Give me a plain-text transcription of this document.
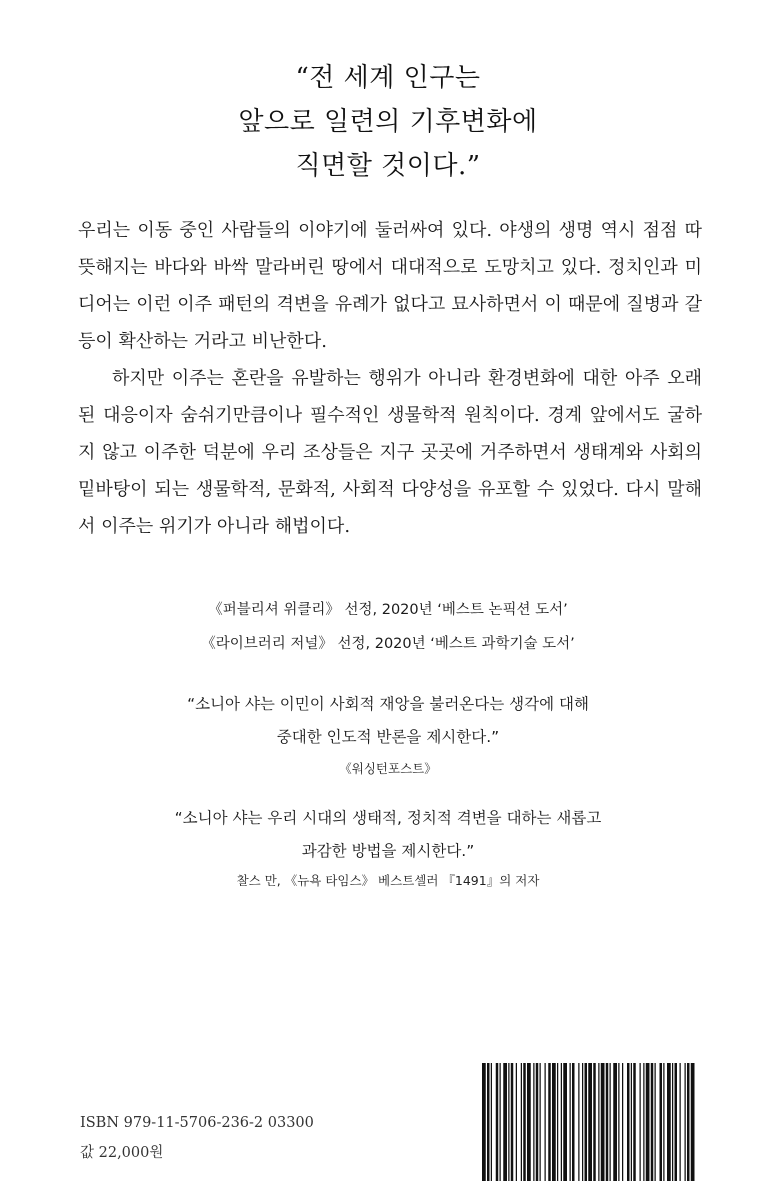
“전 세계 인구는
앞으로 일련의 기후변화에
직면할 것이다.”

우리는 이동 중인 사람들의 이야기에 둘러싸여 있다. 야생의 생명 역시 점점 따뜻해지는 바다와 바싹 말라버린 땅에서 대대적으로 도망치고 있다. 정치인과 미디어는 이런 이주 패턴의 격변을 유례가 없다고 묘사하면서 이 때문에 질병과 갈등이 확산하는 거라고 비난한다.

하지만 이주는 혼란을 유발하는 행위가 아니라 환경변화에 대한 아주 오래된 대응이자 숨쉬기만큼이나 필수적인 생물학적 원칙이다. 경계 앞에서도 굴하지 않고 이주한 덕분에 우리 조상들은 지구 곳곳에 거주하면서 생태계와 사회의 밑바탕이 되는 생물학적, 문화적, 사회적 다양성을 유포할 수 있었다. 다시 말해서 이주는 위기가 아니라 해법이다.

《퍼블리셔 위클리》 선정, 2020년 ‘베스트 논픽션 도서’
《라이브러리 저널》 선정, 2020년 ‘베스트 과학기술 도서’
“소니아 샤는 이민이 사회적 재앙을 불러온다는 생각에 대해
중대한 인도적 반론을 제시한다.”
《워싱턴포스트》
“소니아 샤는 우리 시대의 생태적, 정치적 격변을 대하는 새롭고
과감한 방법을 제시한다.”
찰스 만, 《뉴욕 타임스》 베스트셀러 『1491』의 저자
ISBN 979-11-5706-236-2 03300
값 22,000원
